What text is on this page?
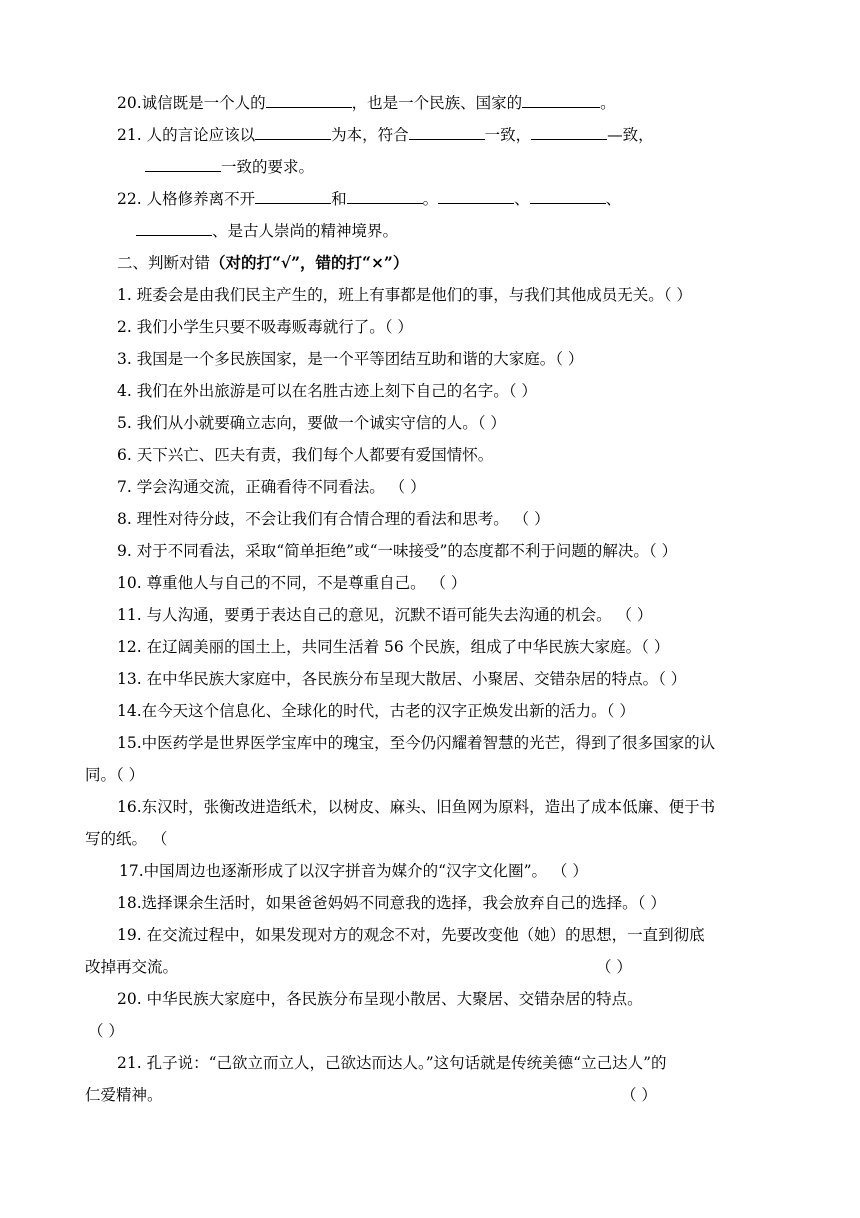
20.诚信既是一个人的	，也是一个民族、国家的	。
21. 人的言论应该以	为本，符合	一致，	—致，
一致的要求。
22. 人格修养离不开	和	。	、	、
、是古人崇尚的精神境界。
二、判断对错（对的打“√”，错的打“×”）
1. 班委会是由我们民主产生的，班上有事都是他们的事，与我们其他成员无关。（ ）
2. 我们小学生只要不吸毒贩毒就行了。（ ）
3. 我国是一个多民族国家，是一个平等团结互助和谐的大家庭。（ ）
4. 我们在外出旅游是可以在名胜古迹上刻下自己的名字。（ ）
5. 我们从小就要确立志向，要做一个诚实守信的人。（ ）
6. 天下兴亡、匹夫有责，我们每个人都要有爱国情怀。
7. 学会沟通交流，正确看待不同看法。 （ ）
8. 理性对待分歧，不会让我们有合情合理的看法和思考。 （ ）
9. 对于不同看法，采取“简单拒绝”或“一味接受”的态度都不利于问题的解决。（ ）
10. 尊重他人与自己的不同，不是尊重自己。 （ ）
11. 与人沟通，要勇于表达自己的意见，沉默不语可能失去沟通的机会。 （ ）
12. 在辽阔美丽的国土上，共同生活着 56 个民族，组成了中华民族大家庭。（ ）
13. 在中华民族大家庭中，各民族分布呈现大散居、小聚居、交错杂居的特点。（ ）
14.在今天这个信息化、全球化的时代，古老的汉字正焕发出新的活力。（ ）
15.中医药学是世界医学宝库中的瑰宝，至今仍闪耀着智慧的光芒，得到了很多国家的认
同。（ ）
16.东汉时，张衡改进造纸术，以树皮、麻头、旧鱼网为原料，造出了成本低廉、便于书
写的纸。 （
17.中国周边也逐渐形成了以汉字拼音为媒介的“汉字文化圈”。 （ ）
18.选择课余生活时，如果爸爸妈妈不同意我的选择，我会放弃自己的选择。（ ）
19. 在交流过程中，如果发现对方的观念不对，先要改变他（她）的思想，一直到彻底
改掉再交流。	（ ）
20. 中华民族大家庭中，各民族分布呈现小散居、大聚居、交错杂居的特点。
（ ）
21. 孔子说：“己欲立而立人，己欲达而达人。”这句话就是传统美德“立己达人”的
仁爱精神。	（ ）
